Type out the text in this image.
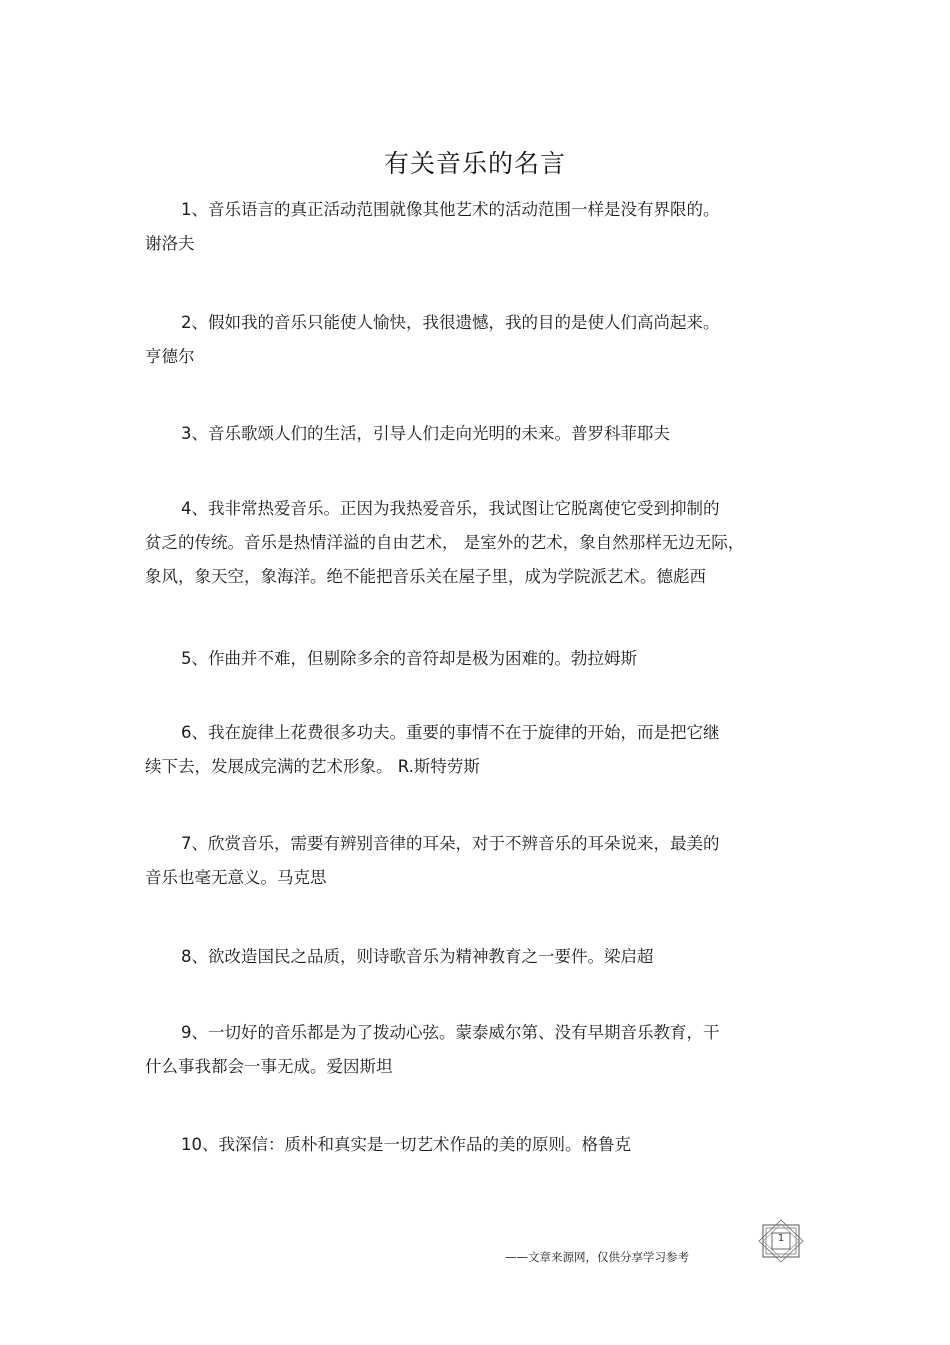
有关音乐的名言
1、音乐语言的真正活动范围就像其他艺术的活动范围一样是没有界限的。
谢洛夫
2、假如我的音乐只能使人愉快，我很遗憾，我的目的是使人们高尚起来。
亨德尔
3、音乐歌颂人们的生活，引导人们走向光明的未来。普罗科菲耶夫
4、我非常热爱音乐。正因为我热爱音乐，我试图让它脱离使它受到抑制的
贫乏的传统。音乐是热情洋溢的自由艺术， 是室外的艺术，象自然那样无边无际，
象风，象天空，象海洋。绝不能把音乐关在屋子里，成为学院派艺术。德彪西
5、作曲并不难，但剔除多余的音符却是极为困难的。勃拉姆斯
6、我在旋律上花费很多功夫。重要的事情不在于旋律的开始，而是把它继
续下去，发展成完满的艺术形象。 R.斯特劳斯
7、欣赏音乐，需要有辨别音律的耳朵，对于不辨音乐的耳朵说来，最美的
音乐也毫无意义。马克思
8、欲改造国民之品质，则诗歌音乐为精神教育之一要件。梁启超
9、一切好的音乐都是为了拨动心弦。蒙泰威尔第、没有早期音乐教育，干
什么事我都会一事无成。爱因斯坦
10、我深信：质朴和真实是一切艺术作品的美的原则。格鲁克
——文章来源网，仅供分享学习参考
1
